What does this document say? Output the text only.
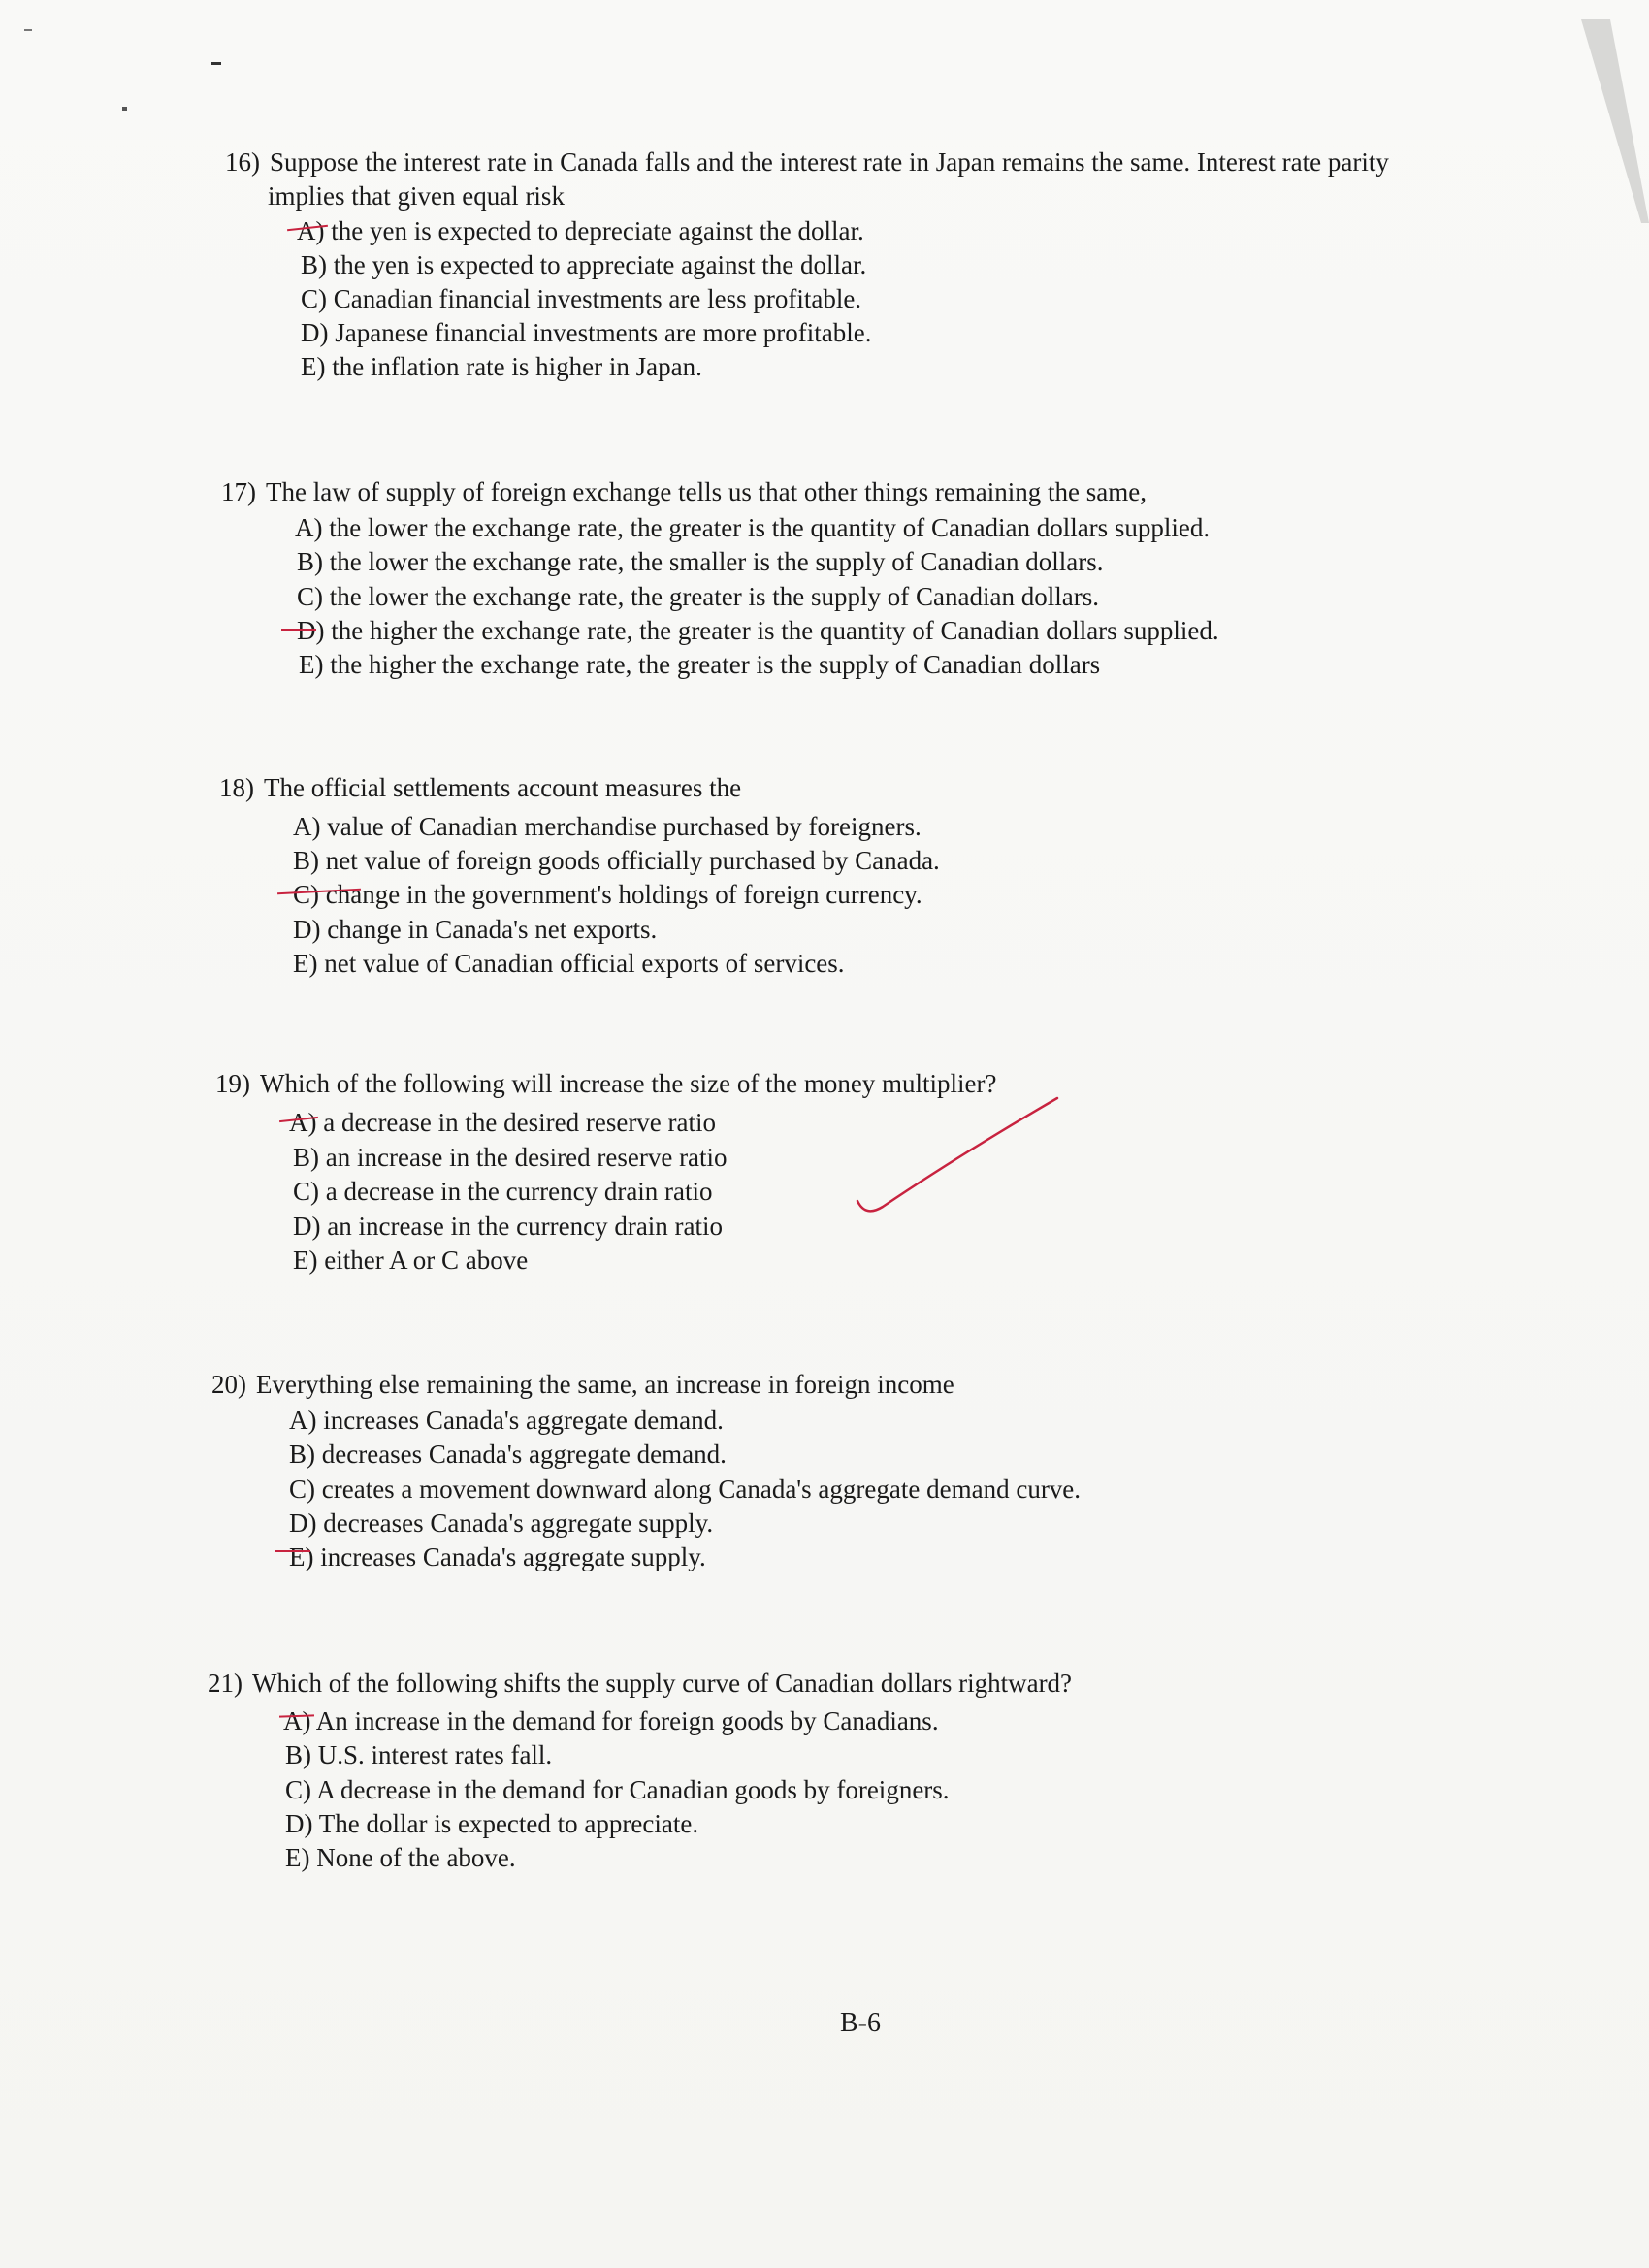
16) Suppose the interest rate in Canada falls and the interest rate in Japan remains the same. Interest rate parity
implies that given equal risk
A) the yen is expected to depreciate against the dollar.
B) the yen is expected to appreciate against the dollar.
C) Canadian financial investments are less profitable.
D) Japanese financial investments are more profitable.
E) the inflation rate is higher in Japan.
17) The law of supply of foreign exchange tells us that other things remaining the same,
A) the lower the exchange rate, the greater is the quantity of Canadian dollars supplied.
B) the lower the exchange rate, the smaller is the supply of Canadian dollars.
C) the lower the exchange rate, the greater is the supply of Canadian dollars.
D) the higher the exchange rate, the greater is the quantity of Canadian dollars supplied.
E) the higher the exchange rate, the greater is the supply of Canadian dollars
18) The official settlements account measures the
A) value of Canadian merchandise purchased by foreigners.
B) net value of foreign goods officially purchased by Canada.
C) change in the government's holdings of foreign currency.
D) change in Canada's net exports.
E) net value of Canadian official exports of services.
19) Which of the following will increase the size of the money multiplier?
A) a decrease in the desired reserve ratio
B) an increase in the desired reserve ratio
C) a decrease in the currency drain ratio
D) an increase in the currency drain ratio
E) either A or C above
20) Everything else remaining the same, an increase in foreign income
A) increases Canada's aggregate demand.
B) decreases Canada's aggregate demand.
C) creates a movement downward along Canada's aggregate demand curve.
D) decreases Canada's aggregate supply.
E) increases Canada's aggregate supply.
21) Which of the following shifts the supply curve of Canadian dollars rightward?
A) An increase in the demand for foreign goods by Canadians.
B) U.S. interest rates fall.
C) A decrease in the demand for Canadian goods by foreigners.
D) The dollar is expected to appreciate.
E) None of the above.
B-6
